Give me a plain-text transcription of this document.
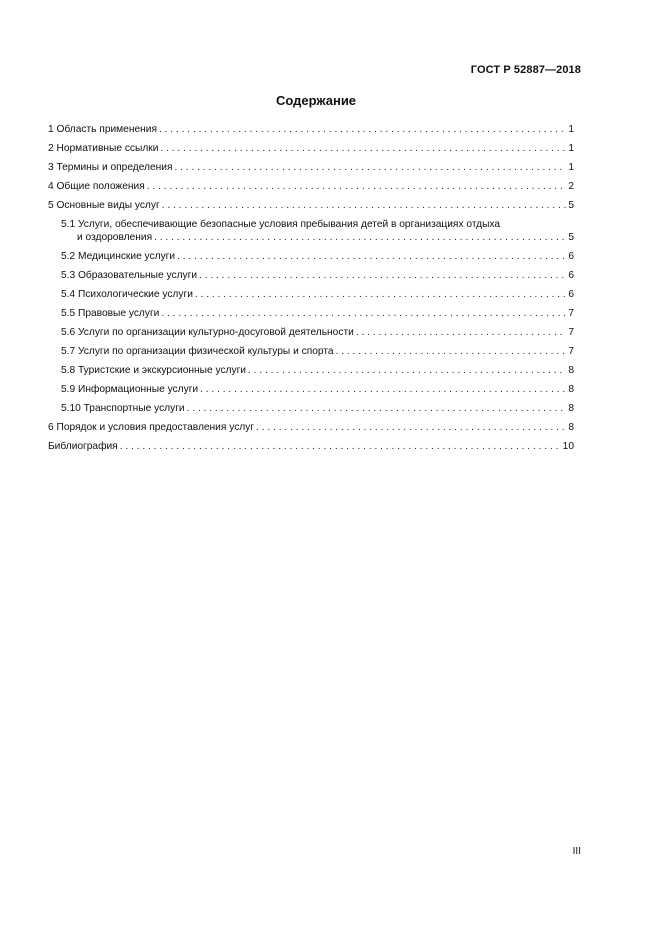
ГОСТ Р 52887—2018
Содержание
1 Область применения . . .	1
2 Нормативные ссылки . . .	1
3 Термины и определения . . .	1
4 Общие положения . . .	2
5 Основные виды услуг . . .	5
5.1 Услуги, обеспечивающие безопасные условия пребывания детей в организациях отдыха
и оздоровления . . .	5
5.2 Медицинские услуги . . .	6
5.3 Образовательные услуги . . .	6
5.4 Психологические услуги . . .	6
5.5 Правовые услуги . . .	7
5.6 Услуги по организации культурно-досуговой деятельности . . .	7
5.7 Услуги по организации физической культуры и спорта . . .	7
5.8 Туристские и экскурсионные услуги . . .	8
5.9 Информационные услуги . . .	8
5.10 Транспортные услуги . . .	8
6 Порядок и условия предоставления услуг . . .	8
Библиография . . .	10
III
